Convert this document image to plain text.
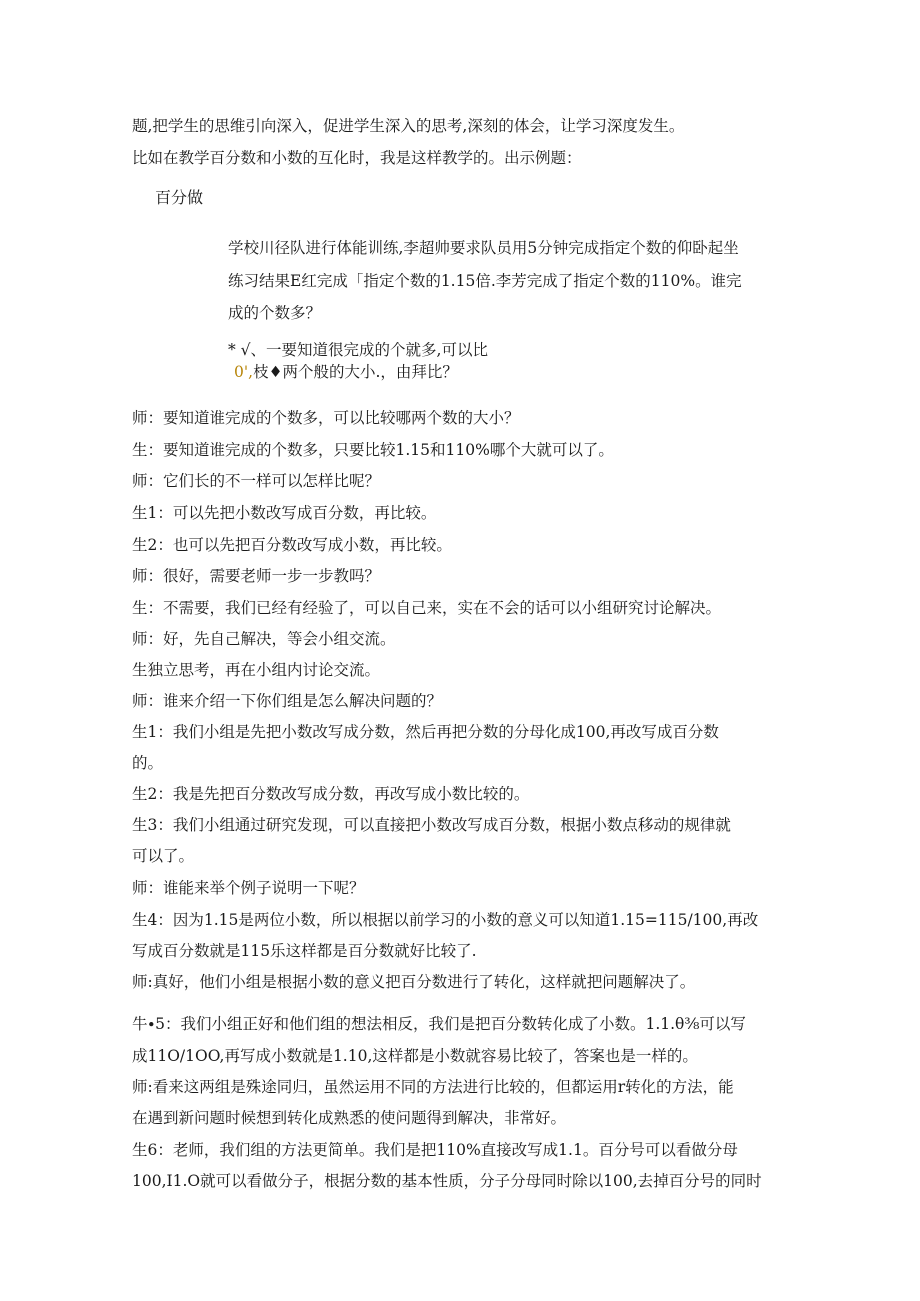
题,把学生的思维引向深入，促进学生深入的思考,深刻的体会，让学习深度发生。
比如在教学百分数和小数的互化时，我是这样教学的。出示例题：
百分做
学校川径队进行体能训练,李超帅要求队员用5分钟完成指定个数的仰卧起坐
练习结果E红完成「指定个数的1.15倍.李芳完成了指定个数的110%。谁完
成的个数多？
* √、一要知道很完成的个就多,可以比
0',枝♦两个般的大小.，由拜比？
师：要知道谁完成的个数多，可以比较哪两个数的大小？
生：要知道谁完成的个数多，只要比较1.15和110%哪个大就可以了。
师：它们长的不一样可以怎样比呢？
生1：可以先把小数改写成百分数，再比较。
生2：也可以先把百分数改写成小数，再比较。
师：很好，需要老师一步一步教吗？
生：不需要，我们已经有经验了，可以自己来，实在不会的话可以小组研究讨论解决。
师：好，先自己解决，等会小组交流。
生独立思考，再在小组内讨论交流。
师：谁来介绍一下你们组是怎么解决问题的？
生1：我们小组是先把小数改写成分数，然后再把分数的分母化成100,再改写成百分数
的。
生2：我是先把百分数改写成分数，再改写成小数比较的。
生3：我们小组通过研究发现，可以直接把小数改写成百分数，根据小数点移动的规律就
可以了。
师：谁能来举个例子说明一下呢？
生4：因为1.15是两位小数，所以根据以前学习的小数的意义可以知道1.15=115/100,再改
写成百分数就是115乐这样都是百分数就好比较了.
师:真好，他们小组是根据小数的意义把百分数进行了转化，这样就把问题解决了。
牛∙5：我们小组正好和他们组的想法相反，我们是把百分数转化成了小数。1.1.θ⅜可以写
成11O/1OO,再写成小数就是1.10,这样都是小数就容易比较了，答案也是一样的。
师:看来这两组是殊途同归，虽然运用不同的方法进行比较的，但都运用r转化的方法，能
在遇到新问题时候想到转化成熟悉的使问题得到解决，非常好。
生6：老师，我们组的方法更简单。我们是把110%直接改写成1.1。百分号可以看做分母
100,I1.O就可以看做分子，根据分数的基本性质，分子分母同时除以100,去掉百分号的同时
